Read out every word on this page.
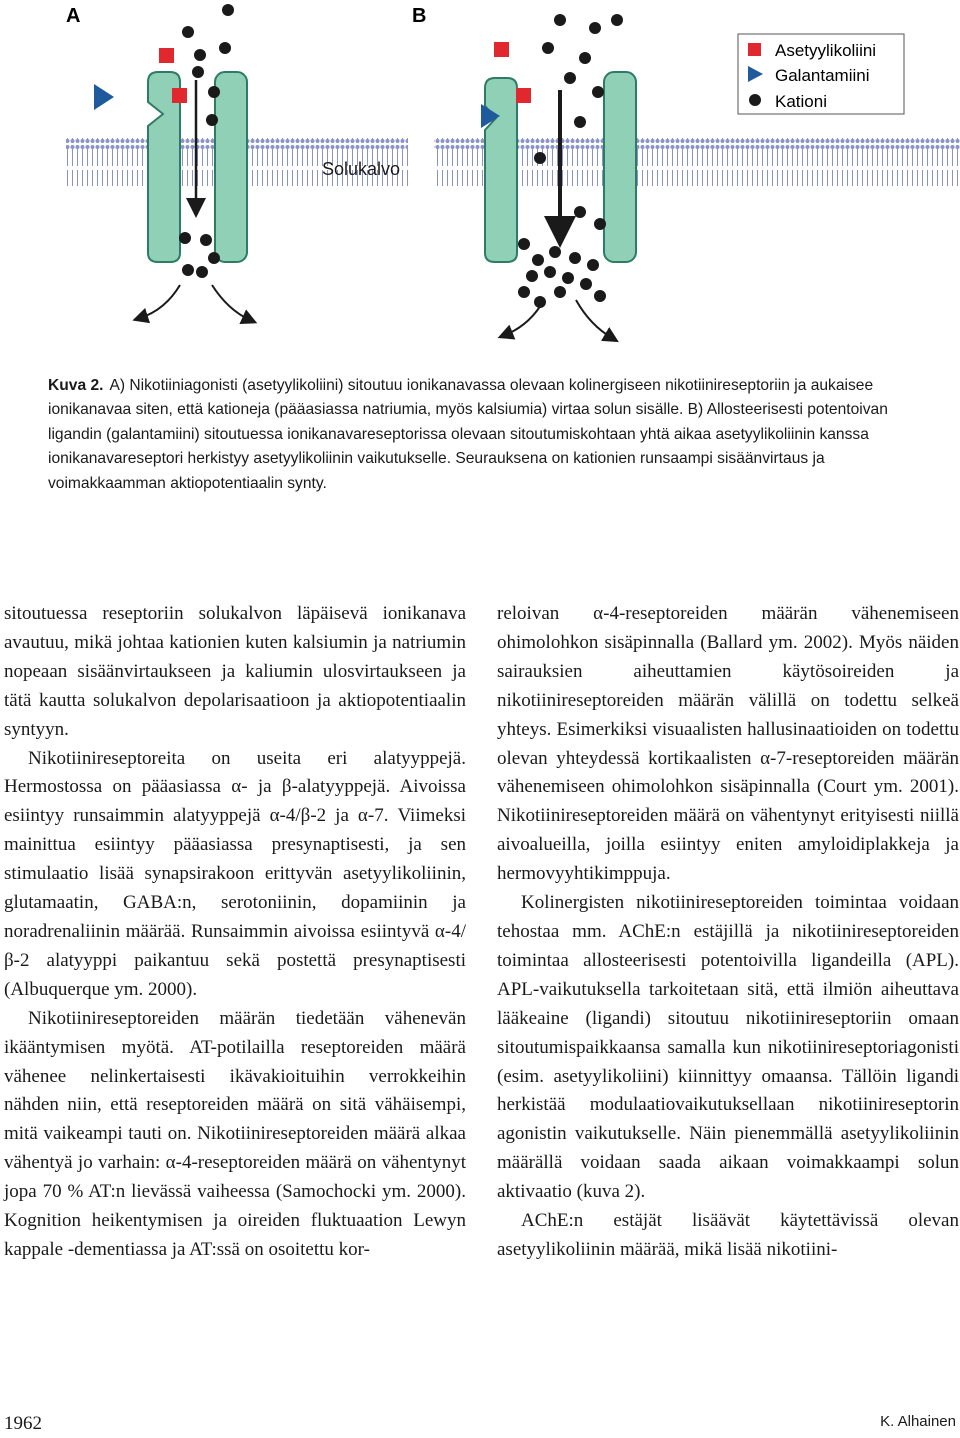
Solukalvo
A	B
Asetyylikoliini
Galantamiini
Kationi

Kuva 2. A) Nikotiiniagonisti (asetyylikoliini) sitoutuu ionikanavassa olevaan kolinergiseen nikotiinireseptoriin ja aukaisee ionikanavaa siten, että kationeja (pääasiassa natriumia, myös kalsiumia) virtaa solun sisälle. B) Allosteerisesti potentoivan ligandin (galantamiini) sitoutuessa ionikanavareseptorissa olevaan sitoutumiskohtaan yhtä aikaa asetyylikoliinin kanssa ionikanavareseptori herkistyy asetyylikoliinin vaikutukselle. Seurauksena on kationien runsaampi sisäänvirtaus ja voimakkaamman aktiopotentiaalin synty.

sitoutuessa reseptoriin solukalvon läpäisevä ionikanava avautuu, mikä johtaa kationien kuten kalsiumin ja natriumin nopeaan sisäänvirtaukseen ja kaliumin ulosvirtaukseen ja tätä kautta solukalvon depolarisaatioon ja aktiopotentiaalin syntyyn.

Nikotiinireseptoreita on useita eri alatyyppejä. Hermostossa on pääasiassa α- ja β-alatyyppejä. Aivoissa esiintyy runsaimmin alatyyppejä α-4/β-2 ja α-7. Viimeksi mainittua esiintyy pääasiassa presynaptisesti, ja sen stimulaatio lisää synapsirakoon erittyvän asetyylikoliinin, glutamaatin, GABA:n, serotoniinin, dopamiinin ja noradrenaliinin määrää. Runsaimmin aivoissa esiintyvä α-4/β-2 alatyyppi paikantuu sekä postettä presynaptisesti (Albuquerque ym. 2000).

Nikotiinireseptoreiden määrän tiedetään vähenevän ikääntymisen myötä. AT-potilailla reseptoreiden määrä vähenee nelinkertaisesti ikävakioituihin verrokkeihin nähden niin, että reseptoreiden määrä on sitä vähäisempi, mitä vaikeampi tauti on. Nikotiinireseptoreiden määrä alkaa vähentyä jo varhain: α-4-reseptoreiden määrä on vähentynyt jopa 70 % AT:n lievässä vaiheessa (Samochocki ym. 2000). Kognition heikentymisen ja oireiden fluktuaation Lewyn kappale -dementiassa ja AT:ssä on osoitettu kor-

reloivan α-4-reseptoreiden määrän vähenemiseen ohimolohkon sisäpinnalla (Ballard ym. 2002). Myös näiden sairauksien aiheuttamien käytösoireiden ja nikotiinireseptoreiden määrän välillä on todettu selkeä yhteys. Esimerkiksi visuaalisten hallusinaatioiden on todettu olevan yhteydessä kortikaalisten α-7-reseptoreiden määrän vähenemiseen ohimolohkon sisäpinnalla (Court ym. 2001). Nikotiinireseptoreiden määrä on vähentynyt erityisesti niillä aivoalueilla, joilla esiintyy eniten amyloidiplakkeja ja hermovyyhtikimppuja.

Kolinergisten nikotiinireseptoreiden toimintaa voidaan tehostaa mm. AChE:n estäjillä ja nikotiinireseptoreiden toimintaa allosteerisesti potentoivilla ligandeilla (APL). APL-vaikutuksella tarkoitetaan sitä, että ilmiön aiheuttava lääkeaine (ligandi) sitoutuu nikotiinireseptoriin omaan sitoutumispaikkaansa samalla kun nikotiinireseptoriagonisti (esim. asetyylikoliini) kiinnittyy omaansa. Tällöin ligandi herkistää modulaatiovaikutuksellaan nikotiinireseptorin agonistin vaikutukselle. Näin pienemmällä asetyylikoliinin määrällä voidaan saada aikaan voimakkaampi solun aktivaatio (kuva 2).

AChE:n estäjät lisäävät käytettävissä olevan asetyylikoliinin määrää, mikä lisää nikotiini-

1962	K. Alhainen
